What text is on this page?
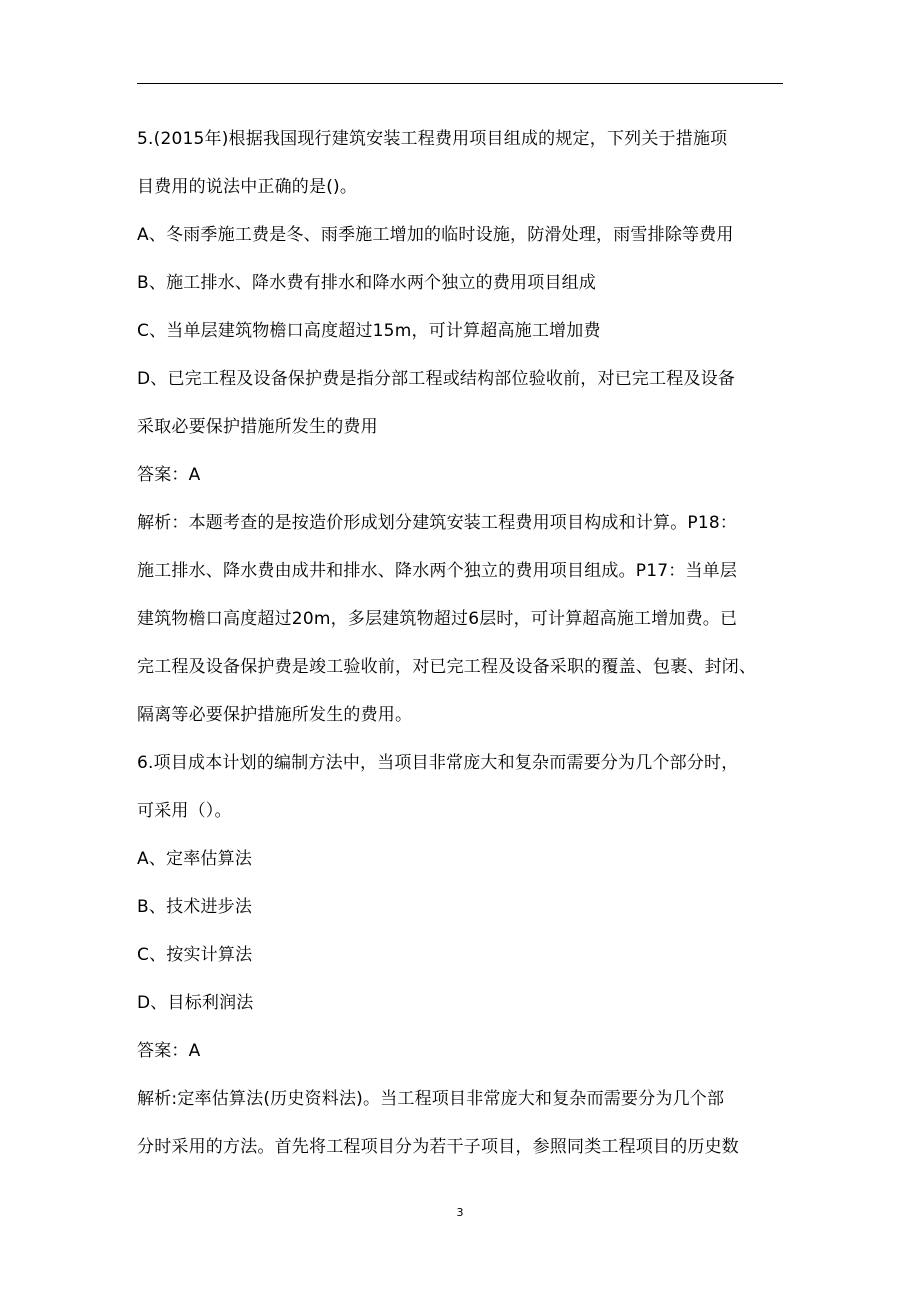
5.(2015年)根据我国现行建筑安装工程费用项目组成的规定，下列关于措施项
目费用的说法中正确的是()。
A、冬雨季施工费是冬、雨季施工增加的临时设施，防滑处理，雨雪排除等费用
B、施工排水、降水费有排水和降水两个独立的费用项目组成
C、当单层建筑物檐口高度超过15m，可计算超高施工增加费
D、已完工程及设备保护费是指分部工程或结构部位验收前，对已完工程及设备
采取必要保护措施所发生的费用
答案：A
解析：本题考查的是按造价形成划分建筑安装工程费用项目构成和计算。P18：
施工排水、降水费由成井和排水、降水两个独立的费用项目组成。P17：当单层
建筑物檐口高度超过20m，多层建筑物超过6层时，可计算超高施工增加费。已
完工程及设备保护费是竣工验收前，对已完工程及设备采职的覆盖、包裹、封闭、
隔离等必要保护措施所发生的费用。
6.项目成本计划的编制方法中，当项目非常庞大和复杂而需要分为几个部分时，
可采用（）。
A、定率估算法
B、技术进步法
C、按实计算法
D、目标利润法
答案：A
解析:定率估算法(历史资料法)。当工程项目非常庞大和复杂而需要分为几个部
分时采用的方法。首先将工程项目分为若干子项目，参照同类工程项目的历史数
3
